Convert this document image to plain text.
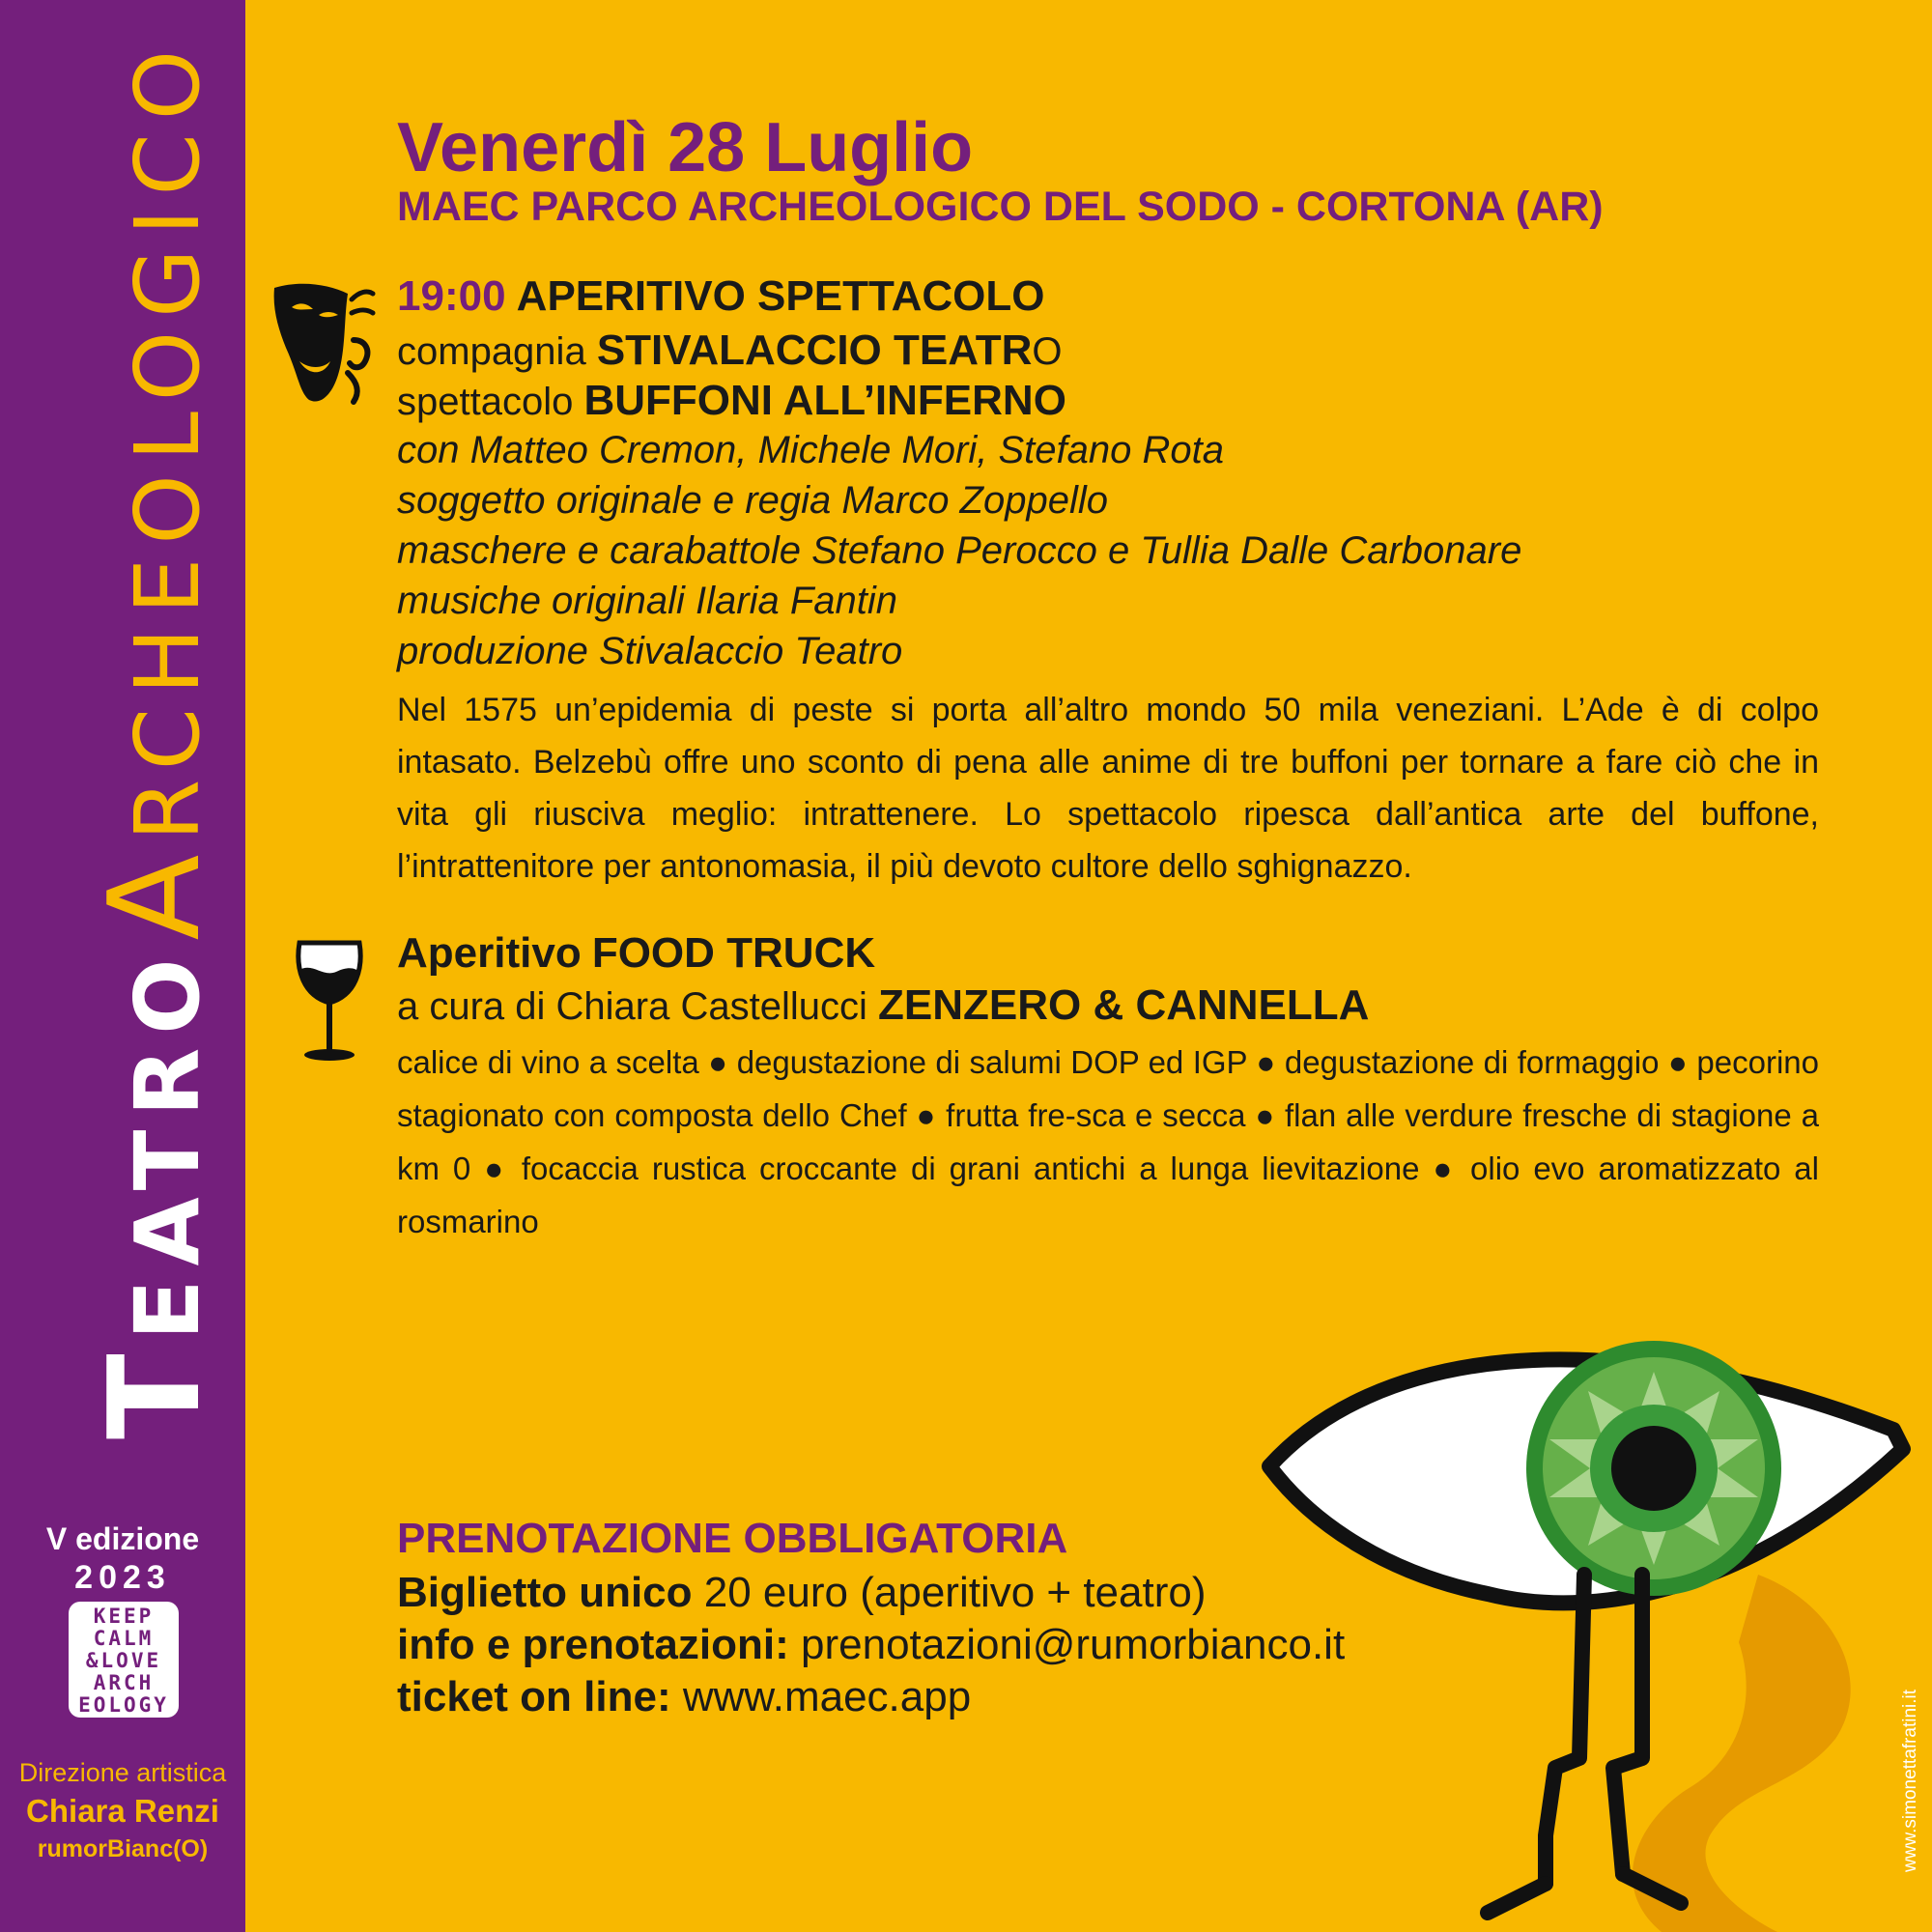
TEATRO ARCHEOLOGICO
V edizione
2023
KEEP
CALM
&LOVE
ARCH
EOLOGY
Direzione artistica
Chiara Renzi
rumorBianc(O)
Venerdì 28 Luglio
MAEC PARCO ARCHEOLOGICO DEL SODO - CORTONA (AR)
19:00 APERITIVO SPETTACOLO
compagnia STIVALACCIO TEATRO
spettacolo BUFFONI ALL’INFERNO
con Matteo Cremon, Michele Mori, Stefano Rota
soggetto originale e regia Marco Zoppello
maschere e carabattole Stefano Perocco e Tullia Dalle Carbonare
musiche originali Ilaria Fantin
produzione Stivalaccio Teatro
Nel 1575 un’epidemia di peste si porta all’altro mondo 50 mila veneziani. L’Ade è di colpo intasato. Belzebù offre uno sconto di pena alle anime di tre buffoni per tornare a fare ciò che in vita gli riusciva meglio: intrattenere. Lo spettacolo ripesca dall’antica arte del buffone, l’intrattenitore per antonomasia, il più devoto cultore dello sghignazzo.
Aperitivo FOOD TRUCK
a cura di Chiara Castellucci ZENZERO & CANNELLA
calice di vino a scelta ● degustazione di salumi DOP ed IGP ● degustazione di formaggio ● pecorino stagionato con composta dello Chef ● frutta fre-sca e secca ● flan alle verdure fresche di stagione a km 0 ● focaccia rustica croccante di grani antichi a lunga lievitazione ● olio evo aromatizzato al rosmarino
PRENOTAZIONE OBBLIGATORIA
Biglietto unico 20 euro (aperitivo + teatro)
info e prenotazioni: prenotazioni@rumorbianco.it
ticket on line: www.maec.app	www.simonettafratini.it
